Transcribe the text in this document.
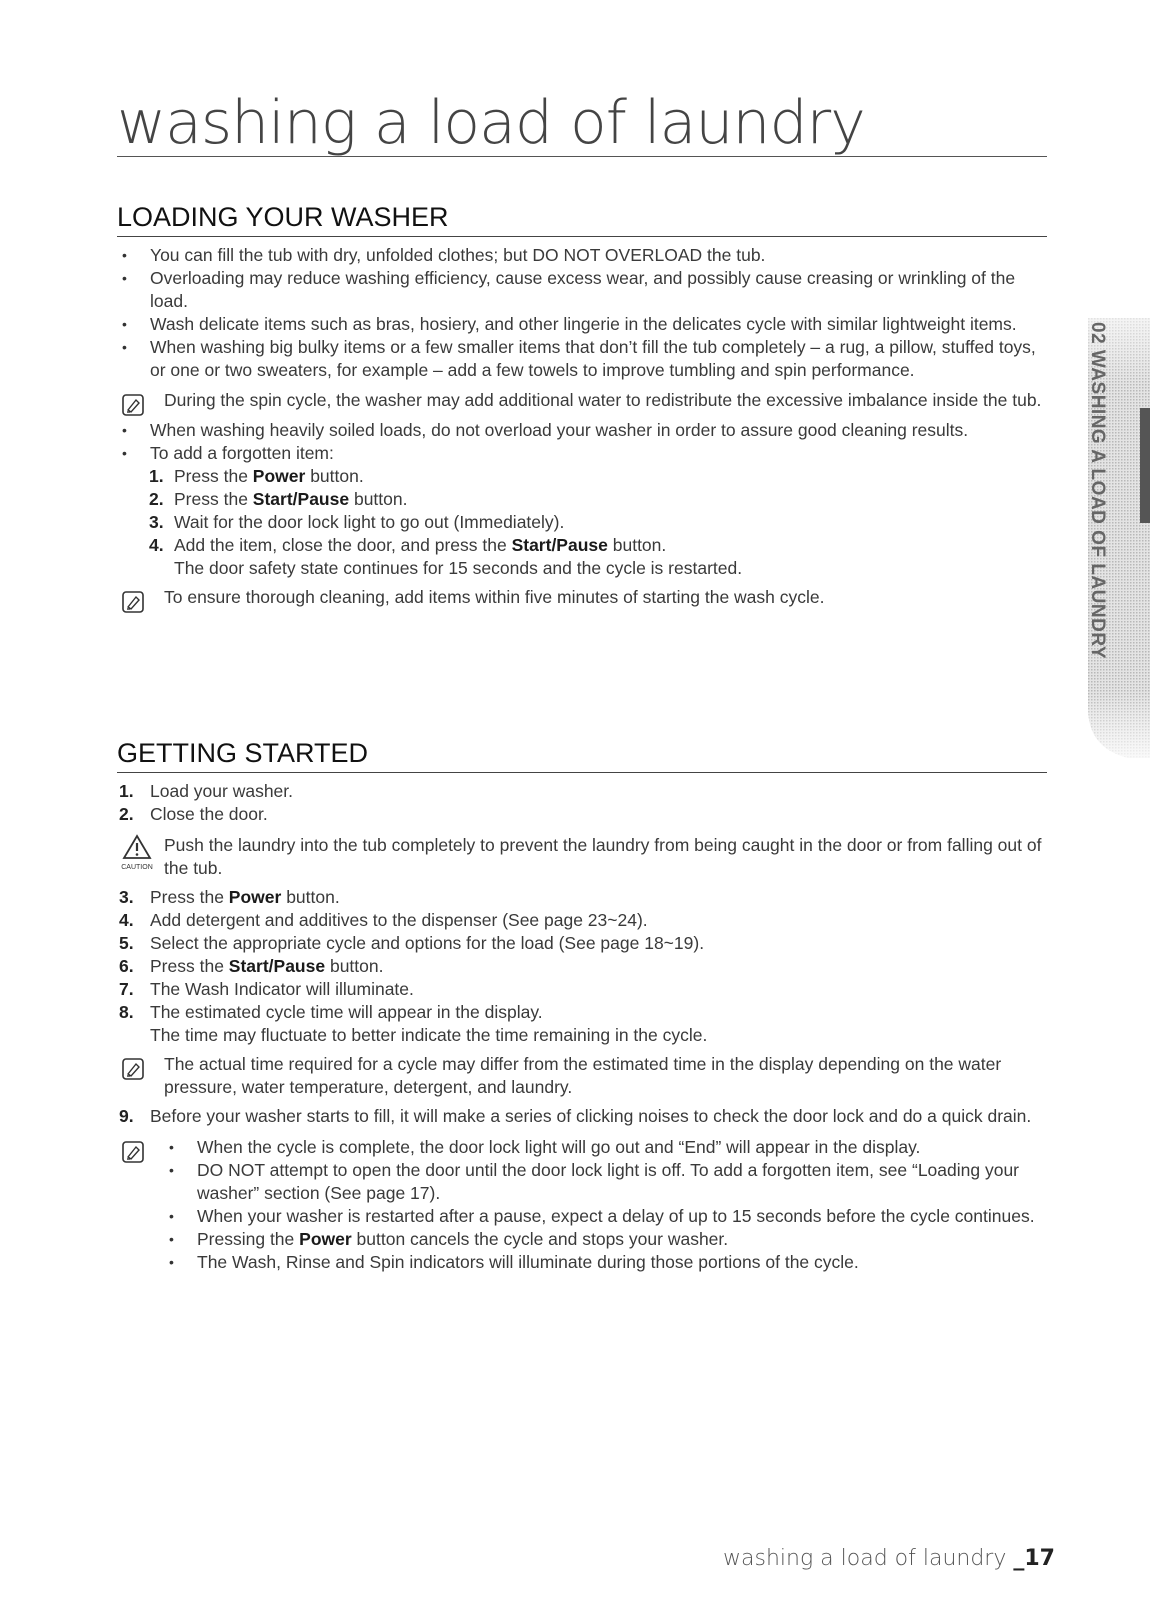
washing a load of laundry
LOADING YOUR WASHER
• You can fill the tub with dry, unfolded clothes; but DO NOT OVERLOAD the tub.
• Overloading may reduce washing efficiency, cause excess wear, and possibly cause creasing or wrinkling of the load.
• Wash delicate items such as bras, hosiery, and other lingerie in the delicates cycle with similar lightweight items.
• When washing big bulky items or a few smaller items that don’t fill the tub completely – a rug, a pillow, stuffed toys, or one or two sweaters, for example – add a few towels to improve tumbling and spin performance.

During the spin cycle, the washer may add additional water to redistribute the excessive imbalance inside the tub.

• When washing heavily soiled loads, do not overload your washer in order to assure good cleaning results.
• To add a forgotten item:
1. Press the Power button.
2. Press the Start/Pause button.
3. Wait for the door lock light to go out (Immediately).
4. Add the item, close the door, and press the Start/Pause button.
The door safety state continues for 15 seconds and the cycle is restarted.

To ensure thorough cleaning, add items within five minutes of starting the wash cycle.

GETTING STARTED
1. Load your washer.
2. Close the door.
CAUTION

Push the laundry into the tub completely to prevent the laundry from being caught in the door or from falling out of the tub.

3. Press the Power button.
4. Add detergent and additives to the dispenser (See page 23~24).
5. Select the appropriate cycle and options for the load (See page 18~19).
6. Press the Start/Pause button.
7. The Wash Indicator will illuminate.
8. The estimated cycle time will appear in the display.
The time may fluctuate to better indicate the time remaining in the cycle.

The actual time required for a cycle may differ from the estimated time in the display depending on the water pressure, water temperature, detergent, and laundry.

9. Before your washer starts to fill, it will make a series of clicking noises to check the door lock and do a quick drain.
• When the cycle is complete, the door lock light will go out and “End” will appear in the display.
• DO NOT attempt to open the door until the door lock light is off. To add a forgotten item, see “Loading your washer” section (See page 17).
• When your washer is restarted after a pause, expect a delay of up to 15 seconds before the cycle continues.
• Pressing the Power button cancels the cycle and stops your washer.
• The Wash, Rinse and Spin indicators will illuminate during those portions of the cycle.
02 WASHING A LOAD OF LAUNDRY
washing a load of laundry _17
